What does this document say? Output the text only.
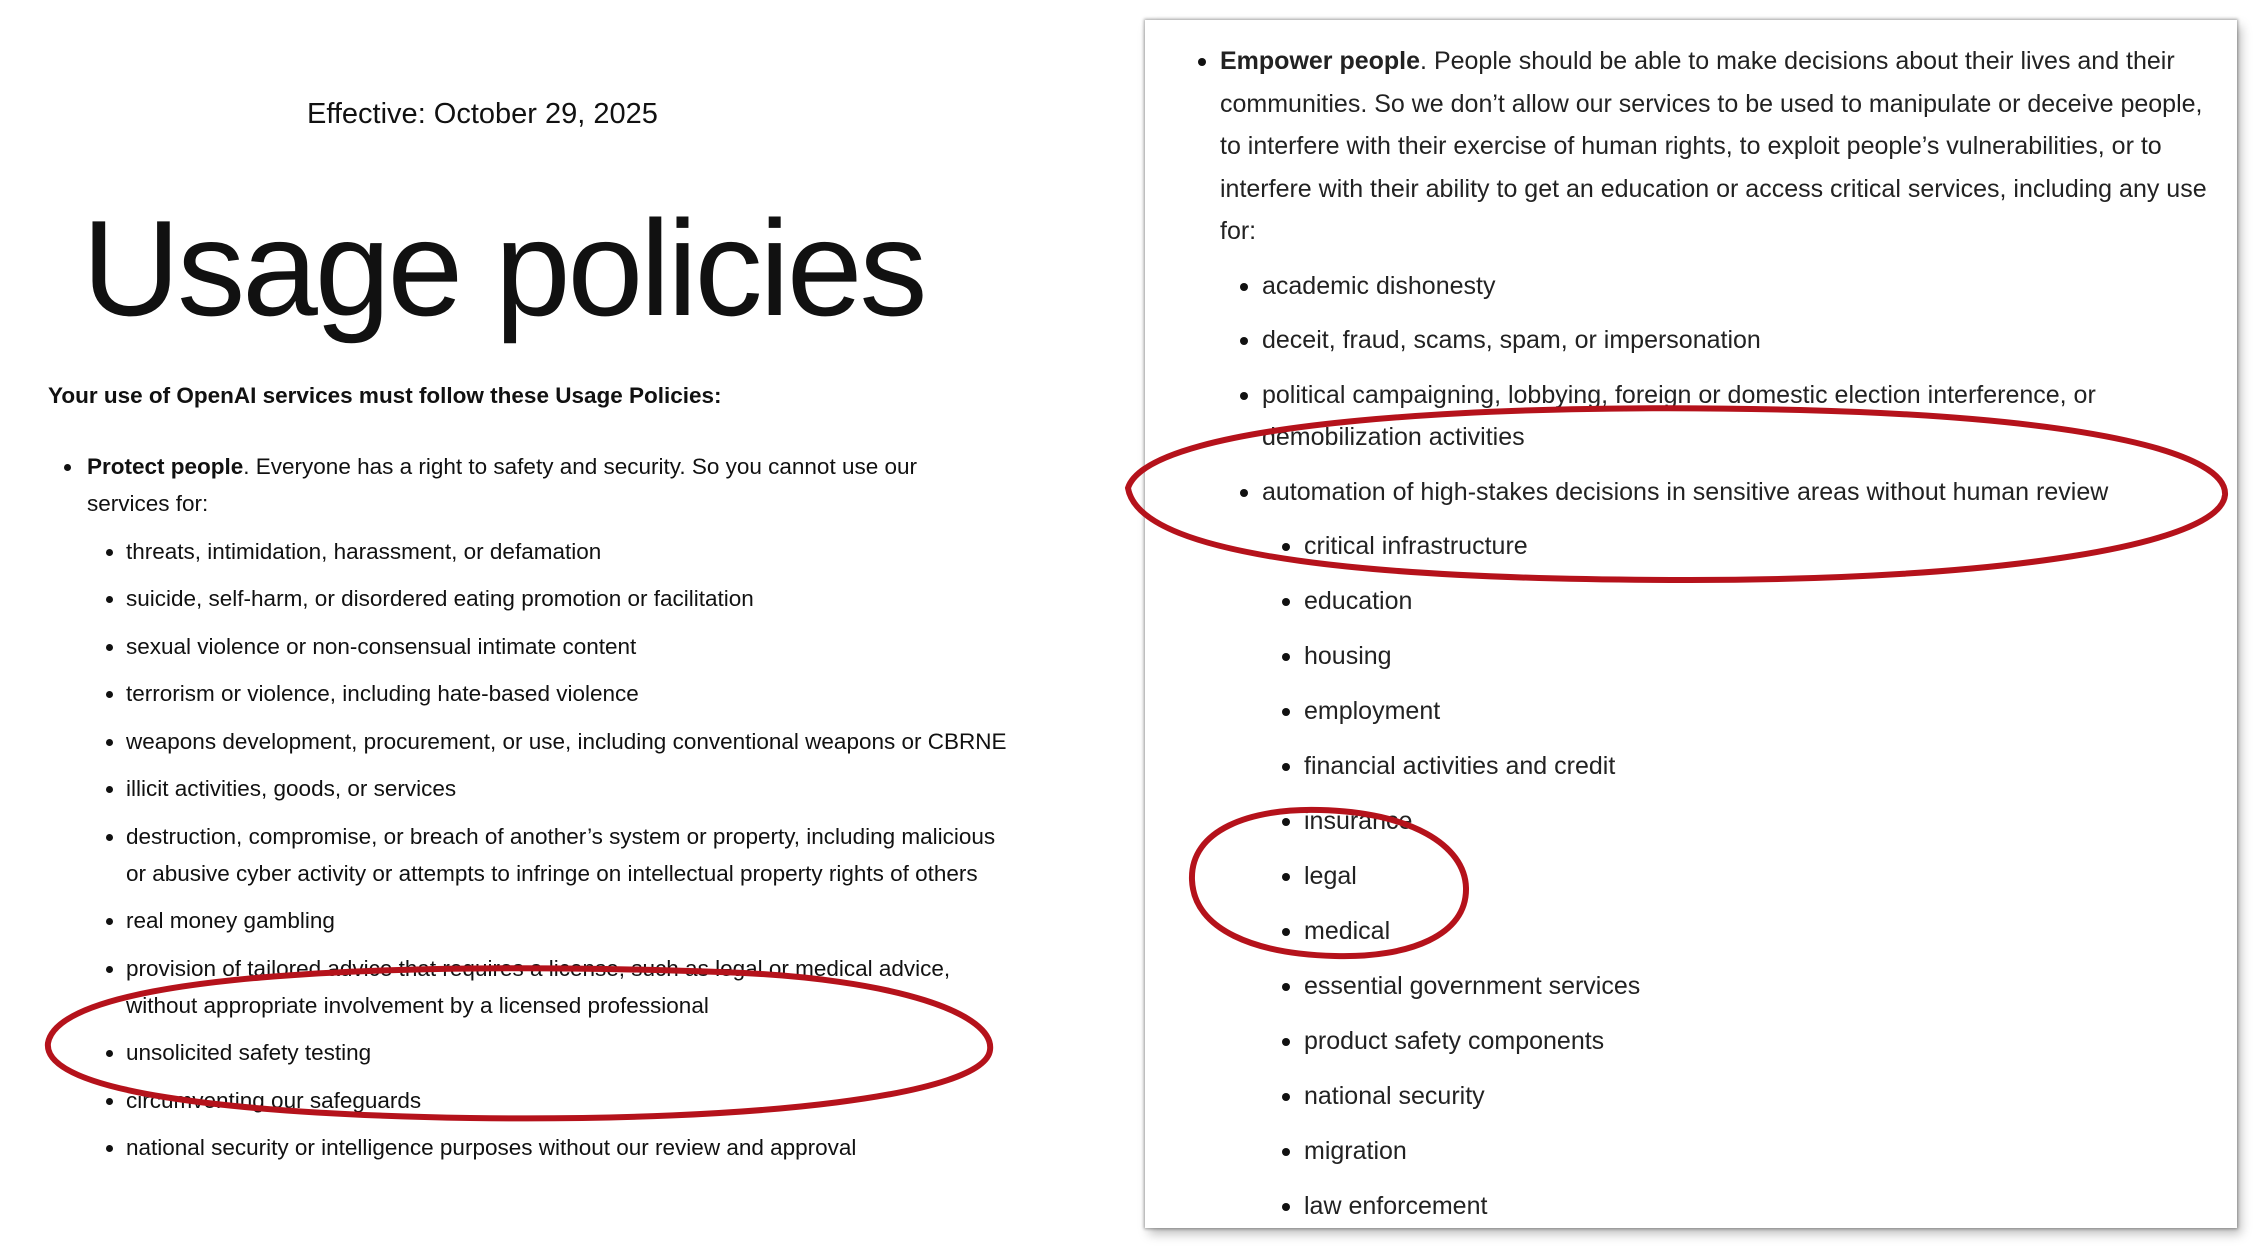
Effective: October 29, 2025
Usage policies
Your use of OpenAI services must follow these Usage Policies:
Protect people. Everyone has a right to safety and security. So you cannot use our services for:
threats, intimidation, harassment, or defamation
suicide, self-harm, or disordered eating promotion or facilitation
sexual violence or non-consensual intimate content
terrorism or violence, including hate-based violence
weapons development, procurement, or use, including conventional weapons or CBRNE
illicit activities, goods, or services
destruction, compromise, or breach of another’s system or property, including malicious or abusive cyber activity or attempts to infringe on intellectual property rights of others
real money gambling
provision of tailored advice that requires a license, such as legal or medical advice, without appropriate involvement by a licensed professional
unsolicited safety testing
circumventing our safeguards
national security or intelligence purposes without our review and approval
Empower people. People should be able to make decisions about their lives and their communities. So we don’t allow our services to be used to manipulate or deceive people, to interfere with their exercise of human rights, to exploit people’s vulnerabilities, or to interfere with their ability to get an education or access critical services, including any use for:
academic dishonesty
deceit, fraud, scams, spam, or impersonation
political campaigning, lobbying, foreign or domestic election interference, or demobilization activities
automation of high-stakes decisions in sensitive areas without human review
critical infrastructure
education
housing
employment
financial activities and credit
insurance
legal
medical
essential government services
product safety components
national security
migration
law enforcement
